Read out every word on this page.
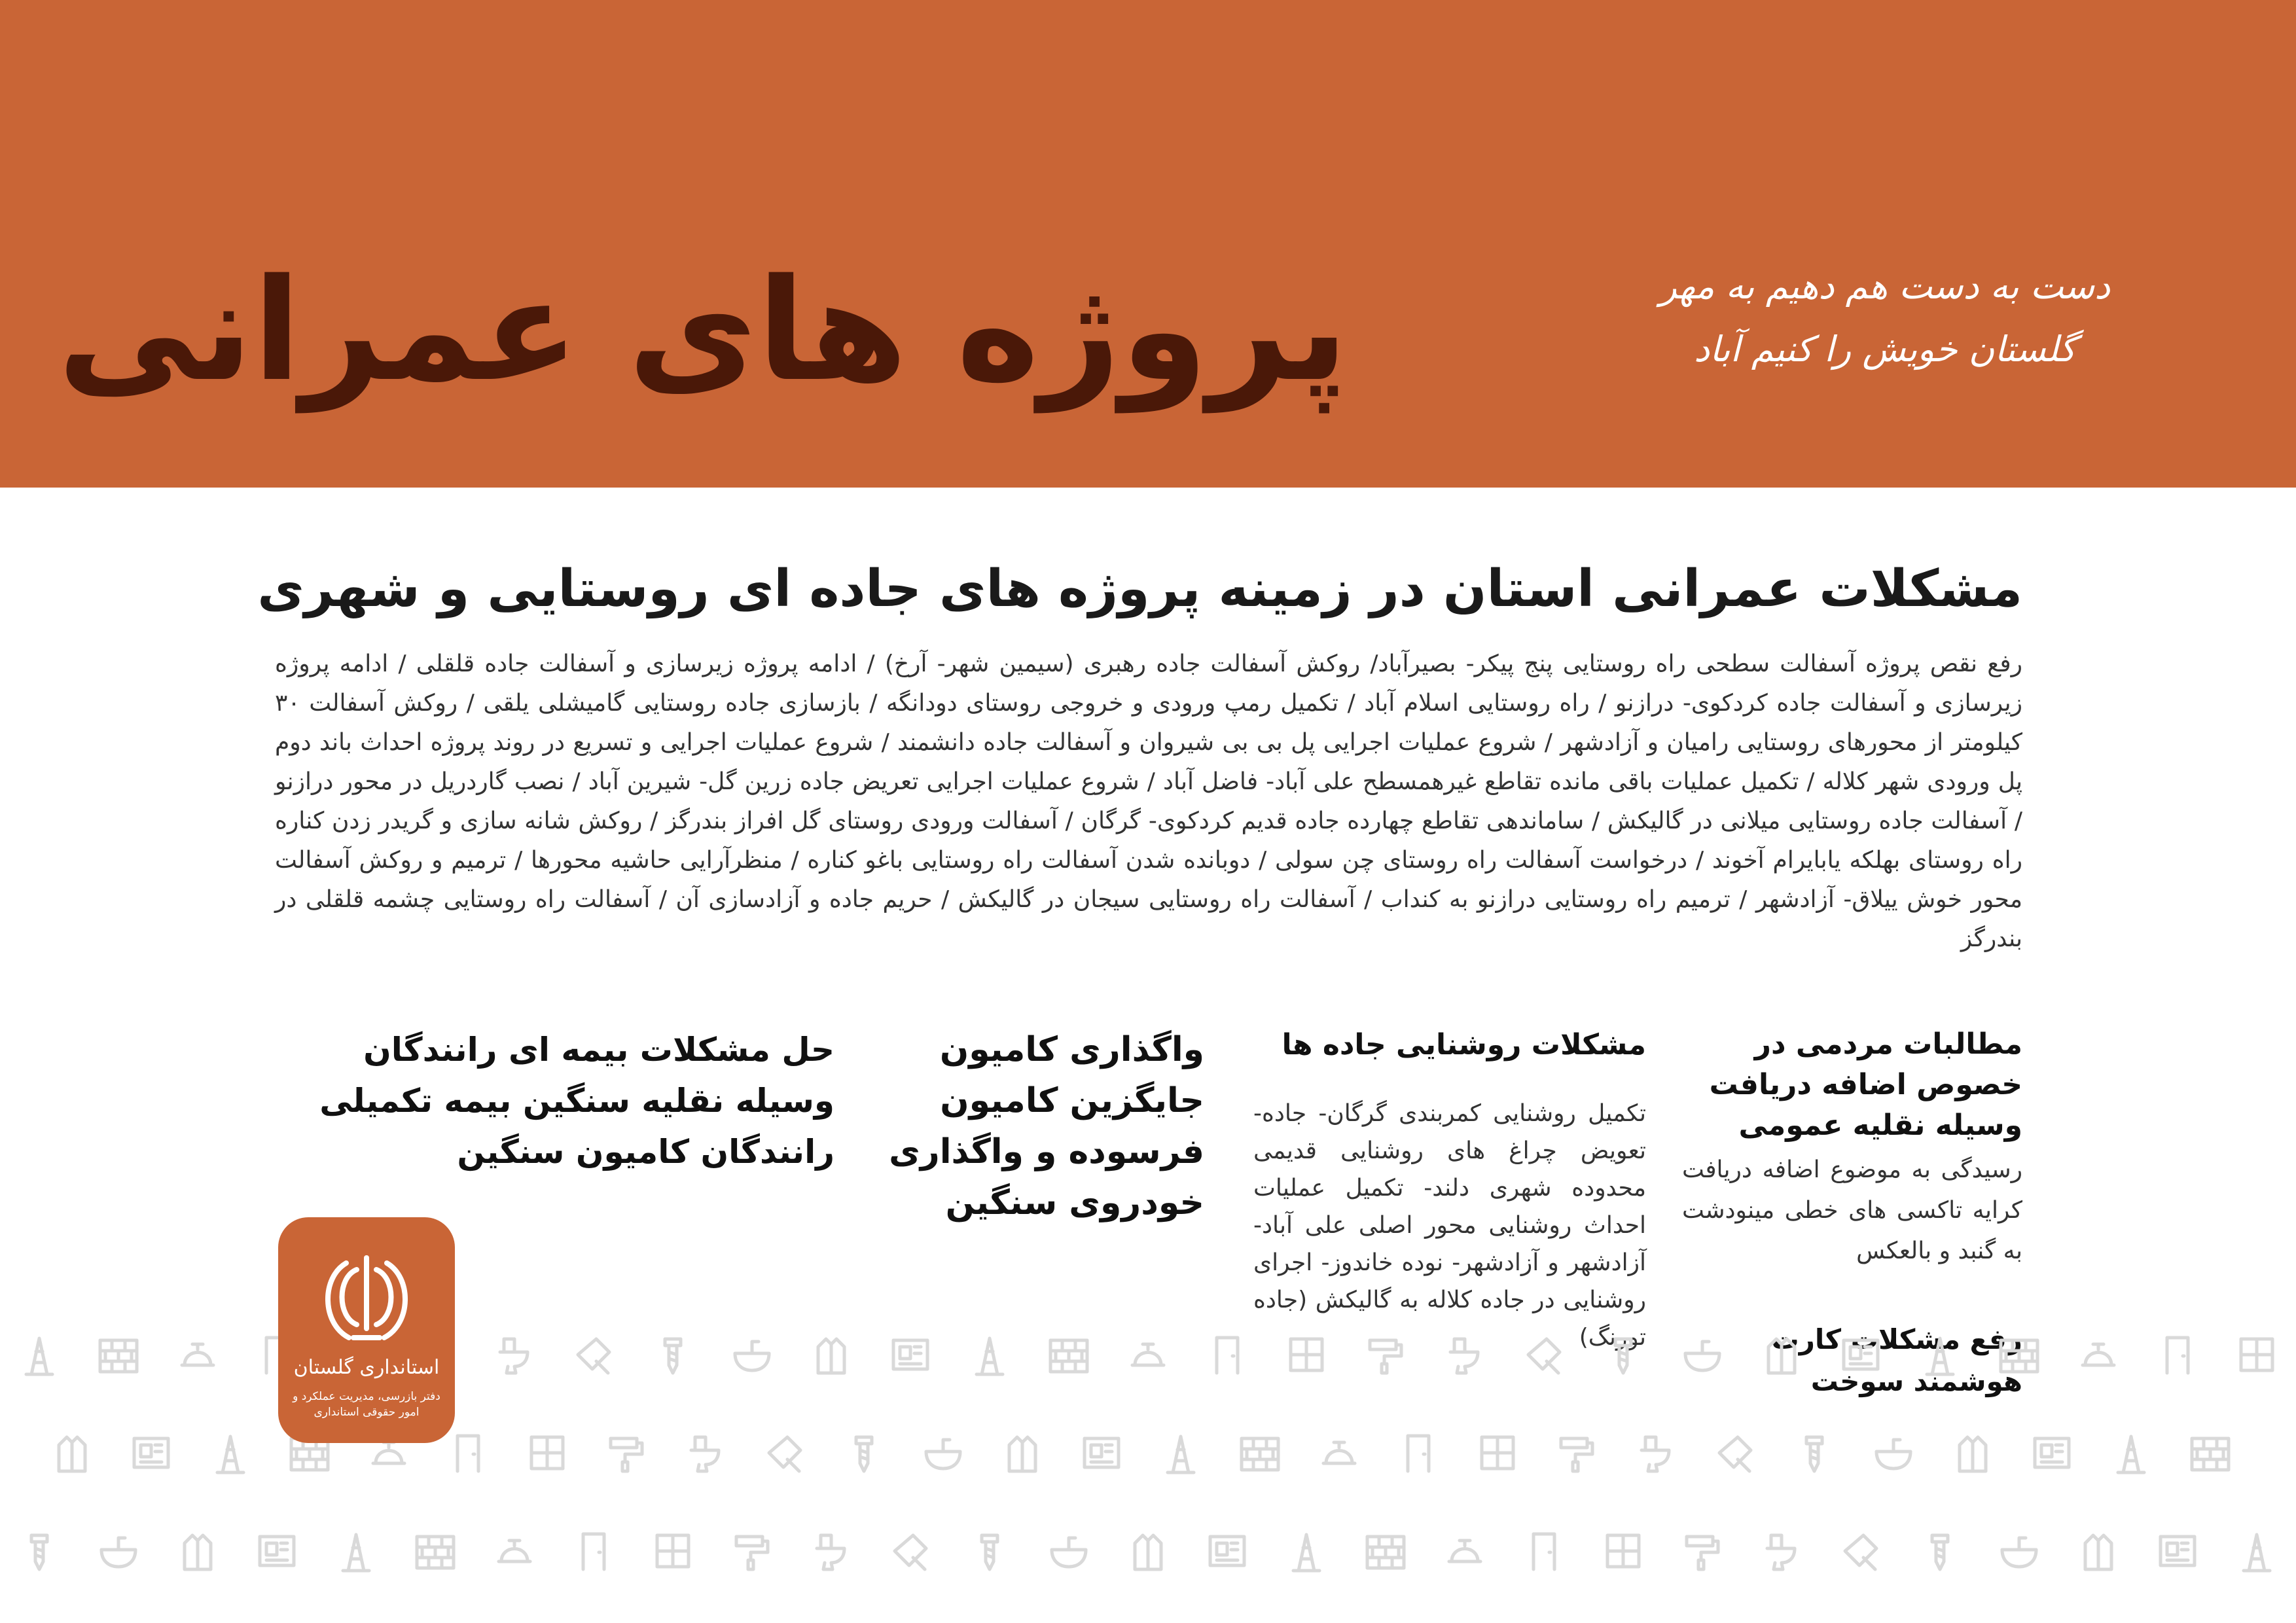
پروژه های عمرانی	دست به دست هم دهیم به مهر
گلستان خویش را کنیم آباد
مشکلات عمرانی استان در زمینه پروژه های جاده ای روستایی و شهری

رفع نقص پروژه آسفالت سطحی راه روستایی پنج پیکر- بصیرآباد/ روکش آسفالت جاده رهبری (سیمین شهر- آرخ) / ادامه پروژه زیرسازی و آسفالت جاده قلقلی / ادامه پروژه زیرسازی و آسفالت جاده کردکوی- درازنو / راه روستایی اسلام آباد / تکمیل رمپ ورودی و خروجی روستای دودانگه / بازسازی جاده روستایی گامیشلی یلقی / روکش آسفالت ۳۰ کیلومتر از محورهای روستایی رامیان و آزادشهر / شروع عملیات اجرایی پل بی بی شیروان و آسفالت جاده دانشمند / شروع عملیات اجرایی و تسریع در روند پروژه احداث باند دوم پل ورودی شهر کلاله / تکمیل عملیات باقی مانده تقاطع غیرهمسطح علی آباد- فاضل آباد / شروع عملیات اجرایی تعریض جاده زرین گل- شیرین آباد / نصب گاردریل در محور درازنو / آسفالت جاده روستایی میلانی در گالیکش / ساماندهی تقاطع چهارده جاده قدیم کردکوی- گرگان / آسفالت ورودی روستای گل افراز بندرگز / روکش شانه سازی و گریدر زدن کناره راه روستای بهلکه یابایرام آخوند / درخواست آسفالت راه روستای چن سولی / دوبانده شدن آسفالت راه روستایی باغو کناره / منظرآرایی حاشیه محورها / ترمیم و روکش آسفالت محور خوش ییلاق- آزادشهر / ترمیم راه روستایی درازنو به کنداب / آسفالت راه روستایی سیجان در گالیکش / حریم جاده و آزادسازی آن / آسفالت راه روستایی چشمه قلقلی در بندرگز

مطالبات مردمی در خصوص اضافه دریافت وسیله نقلیه عمومی

رسیدگی به موضوع اضافه دریافت کرایه تاکسی های خطی مینودشت به گنبد و بالعکس

رفع مشکلات کارت هوشمند سوخت
مشکلات روشنایی جاده ها

تکمیل روشنایی کمربندی گرگان- جاده- تعویض چراغ های روشنایی قدیمی محدوده شهری دلند- تکمیل عملیات احداث روشنایی محور اصلی علی آباد- آزادشهر و آزادشهر- نوده خاندوز- اجرای روشنایی در جاده کلاله به گالیکش (جاده تورنگ)

واگذاری کامیون جایگزین کامیون فرسوده و واگذاری خودروی سنگین
حل مشکلات بیمه ای رانندگان وسیله نقلیه سنگین بیمه تکمیلی رانندگان کامیون سنگین
استانداری گلستان
دفتر بازرسی، مدیریت عملکرد و امور حقوقی استانداری
